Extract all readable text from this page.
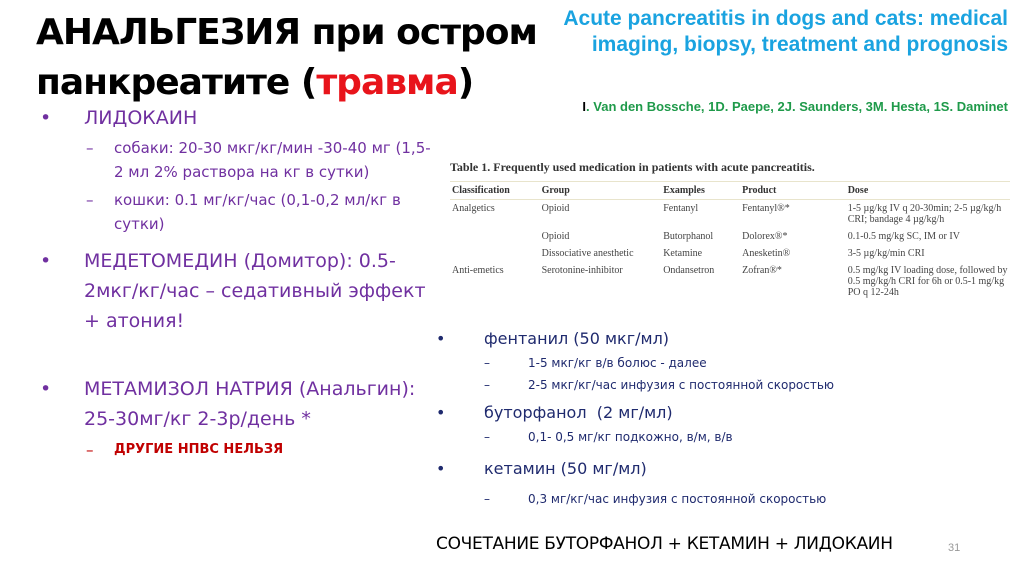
АНАЛЬГЕЗИЯ при остром
панкреатите (травма)
Acute pancreatitis in dogs and cats: medical imaging, biopsy, treatment and prognosis
I. Van den Bossche, 1D. Paepe, 2J. Saunders, 3M. Hesta, 1S. Daminet
•	ЛИДОКАИН
–	собаки: 20-30 мкг/кг/мин -30-40 мг (1,5-2 мл 2% раствора на кг в сутки)
–	кошки: 0.1 мг/кг/час (0,1-0,2 мл/кг в сутки)
•	МЕДЕТОМЕДИН (Домитор): 0.5-2мкг/кг/час – седативный эффект + атония!
•	МЕТАМИЗОЛ НАТРИЯ (Анальгин): 25-30мг/кг 2-3р/день *
–	ДРУГИЕ НПВС НЕЛЬЗЯ
Table 1. Frequently used medication in patients with acute pancreatitis.
Classification	Group	Examples	Product	Dose
Analgetics	Opioid	Fentanyl	Fentanyl®*	1-5 µg/kg IV q 20-30min; 2-5 µg/kg/h CRI; bandage 4 µg/kg/h
	Opioid	Butorphanol	Dolorex®*	0.1-0.5 mg/kg SC, IM or IV
	Dissociative anesthetic	Ketamine	Anesketin®	3-5 µg/kg/min CRI
Anti-emetics	Serotonine-inhibitor	Ondansetron	Zofran®*	0.5 mg/kg IV loading dose, followed by 0.5 mg/kg/h CRI for 6h or 0.5-1 mg/kg PO q 12-24h
•	фентанил (50 мкг/мл)
–	1-5 мкг/кг в/в болюс - далее
–	2-5 мкг/кг/час инфузия с постоянной скоростью
•	буторфанол  (2 мг/мл)
–	0,1- 0,5 мг/кг подкожно, в/м, в/в
•	кетамин (50 мг/мл)
–	0,3 мг/кг/час инфузия с постоянной скоростью
СОЧЕТАНИЕ БУТОРФАНОЛ + КЕТАМИН + ЛИДОКАИН	31
